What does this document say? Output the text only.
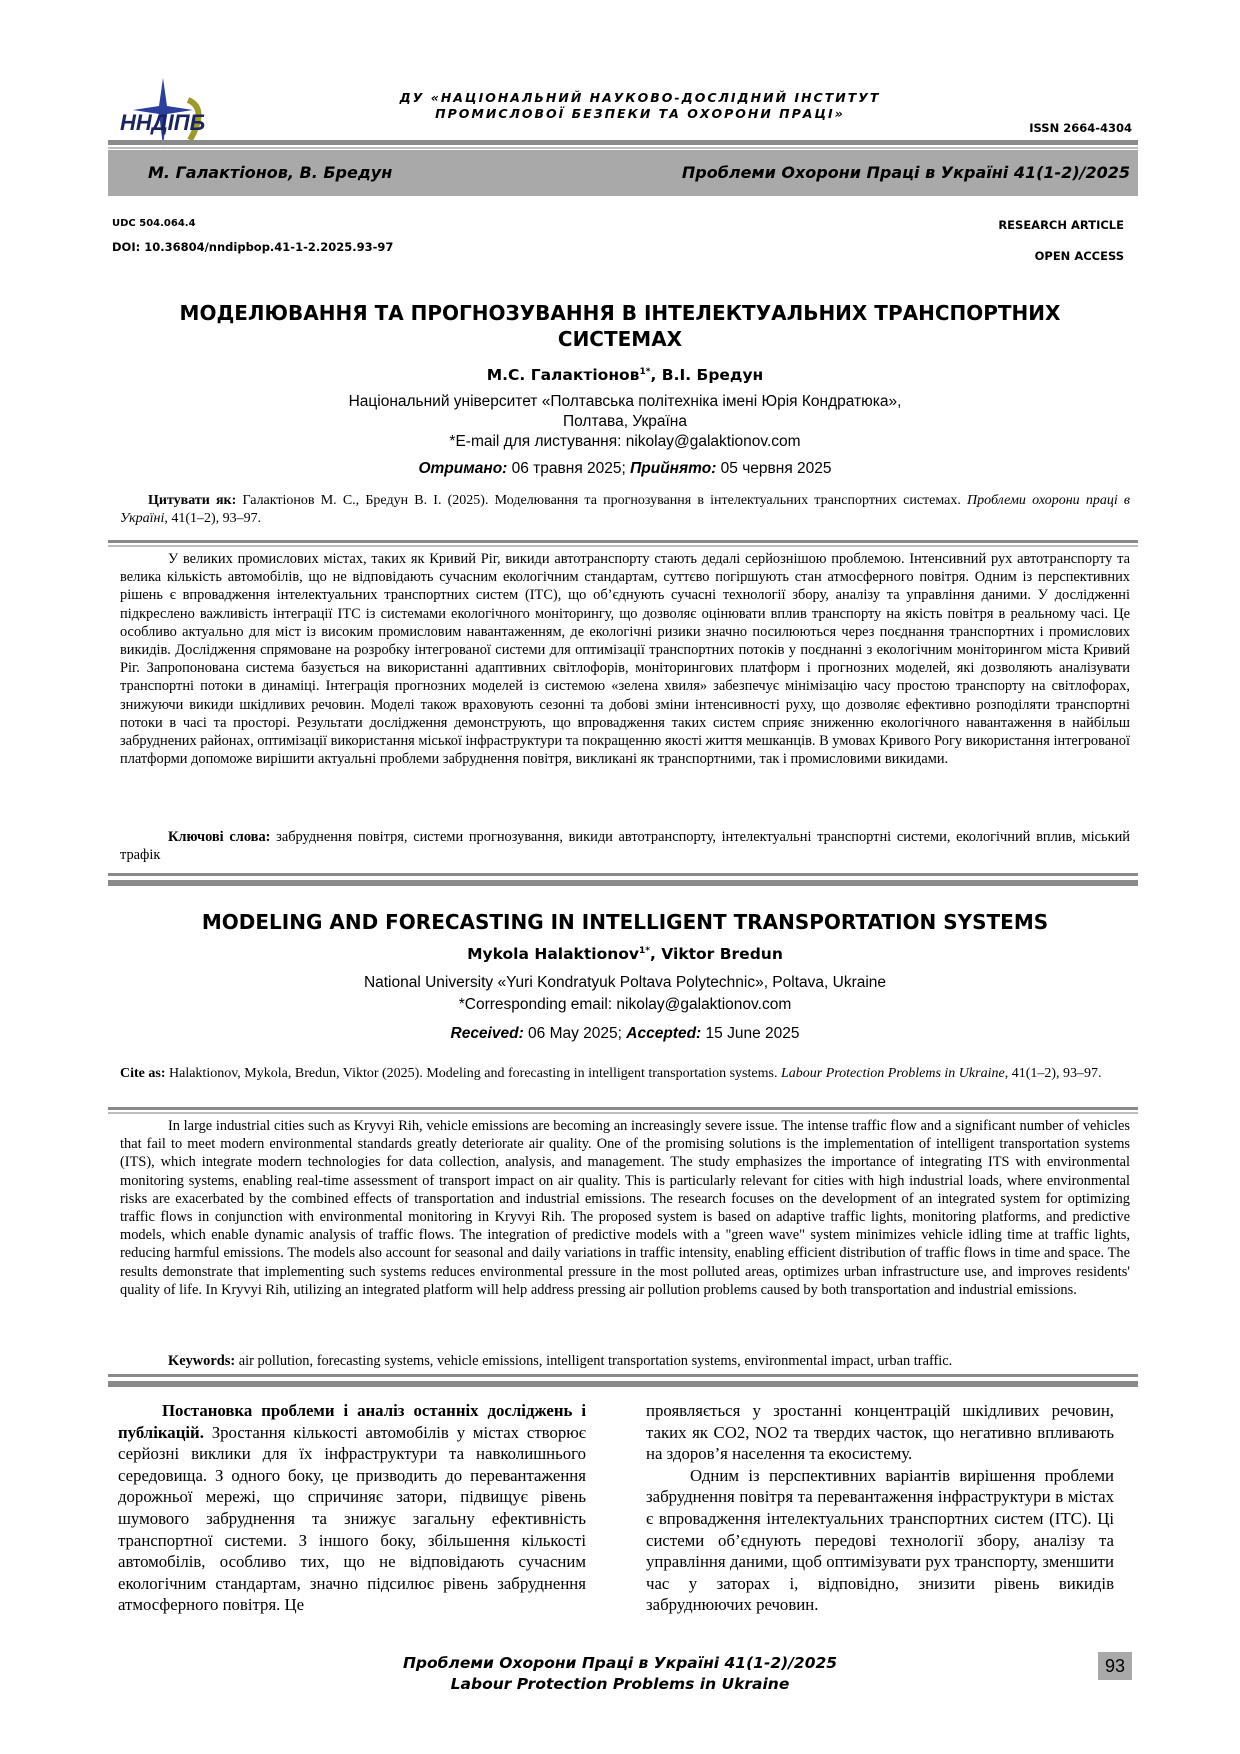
ННДІПБ
ДУ «НАЦІОНАЛЬНИЙ НАУКОВО-ДОСЛІДНИЙ ІНСТИТУТ
ПРОМИСЛОВОЇ БЕЗПЕКИ ТА ОХОРОНИ ПРАЦІ»
ISSN 2664-4304
М. Галактіонов, В. Бредун	Проблеми Охорони Праці в Україні 41(1-2)/2025
UDC 504.064.4
DOI: 10.36804/nndipbop.41-1-2.2025.93-97
RESEARCH ARTICLE
OPEN ACCESS
МОДЕЛЮВАННЯ ТА ПРОГНОЗУВАННЯ В ІНТЕЛЕКТУАЛЬНИХ ТРАНСПОРТНИХ СИСТЕМАХ
М.С. Галактіонов$^{1*}$, В.І. Бредун
Національний університет «Полтавська політехніка імені Юрія Кондратюка»,
Полтава, Україна
*E-mail для листування: nikolay@galaktionov.com
Отримано: 06 травня 2025; Прийнято: 05 червня 2025
Цитувати як: Галактіонов М. С., Бредун В. І. (2025). Моделювання та прогнозування в інтелектуальних транспортних системах. Проблеми охорони праці в Україні, 41(1–2), 93–97.
У великих промислових містах, таких як Кривий Ріг, викиди автотранспорту стають дедалі серйознішою проблемою. Інтенсивний рух автотранспорту та велика кількість автомобілів, що не відповідають сучасним екологічним стандартам, суттєво погіршують стан атмосферного повітря. Одним із перспективних рішень є впровадження інтелектуальних транспортних систем (ІТС), що об’єднують сучасні технології збору, аналізу та управління даними. У дослідженні підкреслено важливість інтеграції ІТС із системами екологічного моніторингу, що дозволяє оцінювати вплив транспорту на якість повітря в реальному часі. Це особливо актуально для міст із високим промисловим навантаженням, де екологічні ризики значно посилюються через поєднання транспортних і промислових викидів. Дослідження спрямоване на розробку інтегрованої системи для оптимізації транспортних потоків у поєднанні з екологічним моніторингом міста Кривий Ріг. Запропонована система базується на використанні адаптивних світлофорів, моніторингових платформ і прогнозних моделей, які дозволяють аналізувати транспортні потоки в динаміці. Інтеграція прогнозних моделей із системою «зелена хвиля» забезпечує мінімізацію часу простою транспорту на світлофорах, знижуючи викиди шкідливих речовин. Моделі також враховують сезонні та добові зміни інтенсивності руху, що дозволяє ефективно розподіляти транспортні потоки в часі та просторі. Результати дослідження демонструють, що впровадження таких систем сприяє зниженню екологічного навантаження в найбільш забруднених районах, оптимізації використання міської інфраструктури та покращенню якості життя мешканців. В умовах Кривого Рогу використання інтегрованої платформи допоможе вирішити актуальні проблеми забруднення повітря, викликані як транспортними, так і промисловими викидами.
Ключові слова: забруднення повітря, системи прогнозування, викиди автотранспорту, інтелектуальні транспортні системи, екологічний вплив, міський трафік
MODELING AND FORECASTING IN INTELLIGENT TRANSPORTATION SYSTEMS
Mykola Halaktionov$^{1*}$, Viktor Bredun
National University «Yuri Kondratyuk Poltava Polytechnic», Poltava, Ukraine
*Corresponding email: nikolay@galaktionov.com
Received: 06 May 2025; Accepted: 15 June 2025
Cite as: Halaktionov, Mykola, Bredun, Viktor (2025). Modeling and forecasting in intelligent transportation systems. Labour Protection Problems in Ukraine, 41(1–2), 93–97.
In large industrial cities such as Kryvyi Rih, vehicle emissions are becoming an increasingly severe issue. The intense traffic flow and a significant number of vehicles that fail to meet modern environmental standards greatly deteriorate air quality. One of the promising solutions is the implementation of intelligent transportation systems (ITS), which integrate modern technologies for data collection, analysis, and management. The study emphasizes the importance of integrating ITS with environmental monitoring systems, enabling real-time assessment of transport impact on air quality. This is particularly relevant for cities with high industrial loads, where environmental risks are exacerbated by the combined effects of transportation and industrial emissions. The research focuses on the development of an integrated system for optimizing traffic flows in conjunction with environmental monitoring in Kryvyi Rih. The proposed system is based on adaptive traffic lights, monitoring platforms, and predictive models, which enable dynamic analysis of traffic flows. The integration of predictive models with a "green wave" system minimizes vehicle idling time at traffic lights, reducing harmful emissions. The models also account for seasonal and daily variations in traffic intensity, enabling efficient distribution of traffic flows in time and space. The results demonstrate that implementing such systems reduces environmental pressure in the most polluted areas, optimizes urban infrastructure use, and improves residents' quality of life. In Kryvyi Rih, utilizing an integrated platform will help address pressing air pollution problems caused by both transportation and industrial emissions.
Keywords: air pollution, forecasting systems, vehicle emissions, intelligent transportation systems, environmental impact, urban traffic.

Постановка проблеми і аналіз останніх досліджень і публікацій. Зростання кількості автомобілів у містах створює серйозні виклики для їх інфраструктури та навколишнього середовища. З одного боку, це призводить до перевантаження дорожньої мережі, що спричиняє затори, підвищує рівень шумового забруднення та знижує загальну ефективність транспортної системи. З іншого боку, збільшення кількості автомобілів, особливо тих, що не відповідають сучасним екологічним стандартам, значно підсилює рівень забруднення атмосферного повітря. Це

проявляється у зростанні концентрацій шкідливих речовин, таких як CO2, NO2 та твердих часток, що негативно впливають на здоров’я населення та екосистему.

Одним із перспективних варіантів вирішення проблеми забруднення повітря та перевантаження інфраструктури в містах є впровадження інтелектуальних транспортних систем (ІТС). Ці системи об’єднують передові технології збору, аналізу та управління даними, щоб оптимізувати рух транспорту, зменшити час у заторах і, відповідно, знизити рівень викидів забруднюючих речовин.

Проблеми Охорони Праці в Україні 41(1-2)/2025
Labour Protection Problems in Ukraine
93
